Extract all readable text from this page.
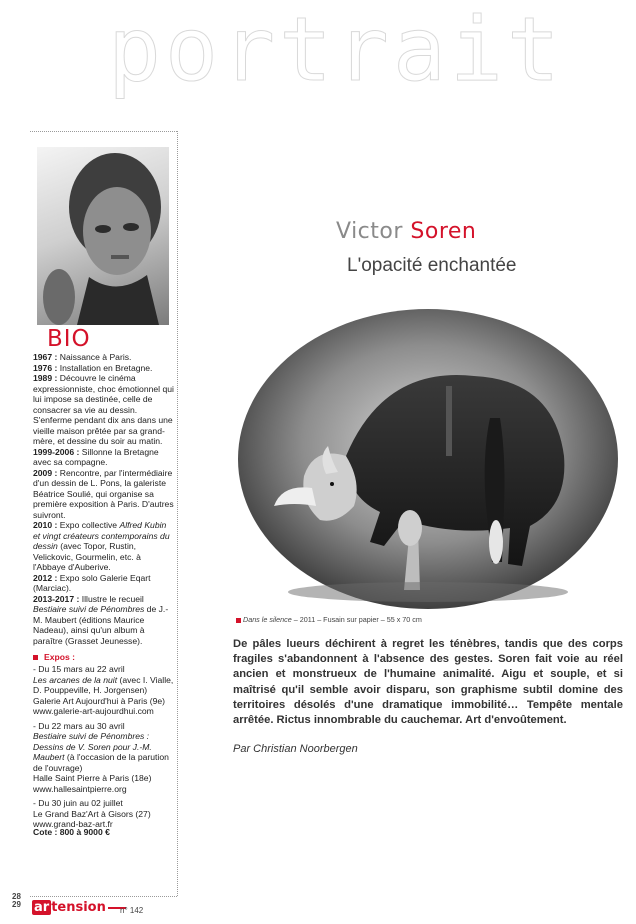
portrait
BIO

1967 : Naissance à Paris.

1976 : Installation en Bretagne.

1989 : Découvre le cinéma expressionniste, choc émotionnel qui lui impose sa destinée, celle de consacrer sa vie au dessin. S'enferme pendant dix ans dans une vieille maison prêtée par sa grand-mère, et dessine du soir au matin.

1999-2006 : Sillonne la Bretagne avec sa compagne.

2009 : Rencontre, par l'intermédiaire d'un dessin de L. Pons, la galeriste Béatrice Soulié, qui organise sa première exposition à Paris. D'autres suivront.

2010 : Expo collective Alfred Kubin et vingt créateurs contemporains du dessin (avec Topor, Rustin, Velickovic, Gourmelin, etc. à l'Abbaye d'Auberive.

2012 : Expo solo Galerie Eqart (Marciac).

2013-2017 : Illustre le recueil Bestiaire suivi de Pénombres de J.-M. Maubert (éditions Maurice Nadeau), ainsi qu'un album à paraître (Grasset Jeunesse).

Expos :

- Du 15 mars au 22 avril

Les arcanes de la nuit (avec I. Vialle, D. Pouppeville, H. Jorgensen)

Galerie Art Aujourd'hui à Paris (9e)

www.galerie-art-aujourdhui.com

- Du 22 mars au 30 avril

Bestiaire suivi de Pénombres : Dessins de V. Soren pour J.-M. Maubert (à l'occasion de la parution de l'ouvrage)

Halle Saint Pierre à Paris (18e)

www.hallesaintpierre.org

- Du 30 juin au 02 juillet

Le Grand Baz'Art à Gisors (27)

www.grand-baz-art.fr

Cote : 800 à 9000 €
Victor Soren
L'opacité enchantée
Dans le silence – 2011 – Fusain sur papier – 55 x 70 cm

De pâles lueurs déchirent à regret les ténèbres, tandis que des corps fragiles s'abandonnent à l'absence des gestes. Soren fait voie au réel ancien et monstrueux de l'humaine animalité. Aigu et souple, et si maîtrisé qu'il semble avoir disparu, son graphisme subtil domine des territoires désolés d'une dramatique immobilité… Tempête mentale arrêtée. Rictus innombrable du cauchemar. Art d'envoûtement.

Par Christian Noorbergen
28
29 ar tension	n° 142
